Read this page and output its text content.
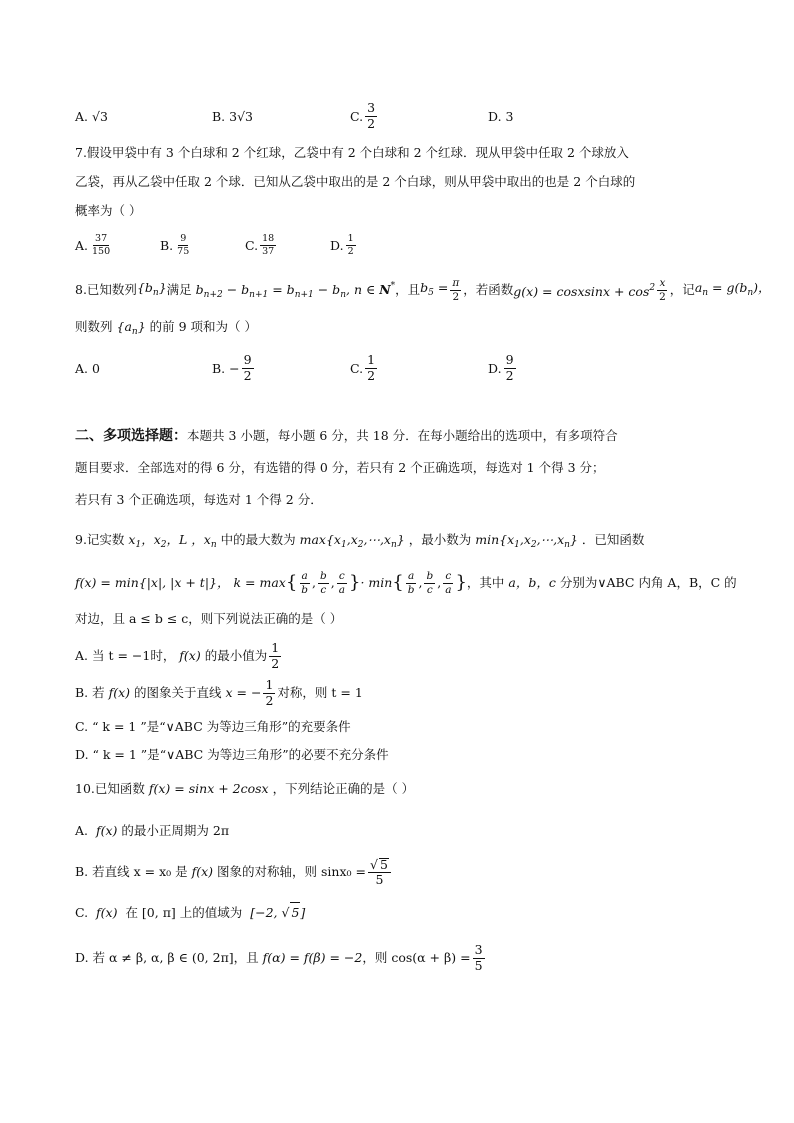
A. √3	B. 3√3	C. $\frac{3}{2}$	D. 3
7.假设甲袋中有 3 个白球和 2 个红球，乙袋中有 2 个白球和 2 个红球．现从甲袋中任取 2 个球放入
乙袋，再从乙袋中任取 2 个球．已知从乙袋中取出的是 2 个白球，则从甲袋中取出的也是 2 个白球的
概率为（ ）
A. $\frac{37}{150}$	B. $\frac{9}{75}$	C. $\frac{18}{37}$	D. $\frac{1}{2}$
8.已知数列 $\{b_n\}$ 满足 $b_{n+2} - b_{n+1} = b_{n+1} - b_n$, n ∈ N* ，且 $b_5 = \frac{\pi}{2}$ ，若函数 g(x) = cosxsinx + $\cos^2 \frac{x}{2}$ ，记 $a_n = g(b_n)$，
则数列 $\{a_n\}$ 的前 9 项和为（ ）
A.
0	B.
− $\frac{9}{2}$	C. $\frac{1}{2}$	D. $\frac{9}{2}$
二、多项选择题：本题共 3 小题，每小题 6 分，共 18 分．在每小题给出的选项中，有多项符合
题目要求．全部选对的得 6 分，有选错的得 0 分，若只有 2 个正确选项，每选对 1 个得 3 分；
若只有 3 个正确选项，每选对 1 个得 2 分．
9.记实数 $x_1$，$x_2$，L ，$x_n$ 中的最大数为 $\max\{x_1,x_2,\cdots,x_n\}$ ，最小数为 $\min\{x_1,x_2,\cdots,x_n\}$ ．已知函数
f(x) = min{|x|, |x + t|}， k = max { $\frac{a}{b}$ , $\frac{b}{c}$ , $\frac{c}{a}$ } · min { $\frac{a}{b}$ , $\frac{b}{c}$ , $\frac{c}{a}$ } ，其中 a，b，c 分别为∨ABC 内角 A，B，C 的
对边，且 a ≤ b ≤ c，则下列说法正确的是（ ）
A. 当 t = −1时， f(x) 的最小值为 $\frac{1}{2}$
B. 若 f(x) 的图象关于直线 x = − $\frac{1}{2}$ 对称，则 t = 1
C. “ k = 1 ”是“∨ABC 为等边三角形”的充要条件
D. “ k = 1 ”是“∨ABC 为等边三角形”的必要不充分条件
10.已知函数 f(x) = sinx + 2cosx ，下列结论正确的是（ ）
A.  f(x) 的最小正周期为 2π
B. 若直线 x = x₀ 是 f(x) 图象的对称轴，则 $\sin x_0 = \frac{√ 5}{5}$
C.  f(x)  在 [0, π] 上的值域为  [−2, √ 5]
D. 若 α ≠ β, α, β ∈ (0, 2π]，且 f(α) = f(β) = −2 ，则 $\cos(\alpha + \beta) = \frac{3}{5}$
